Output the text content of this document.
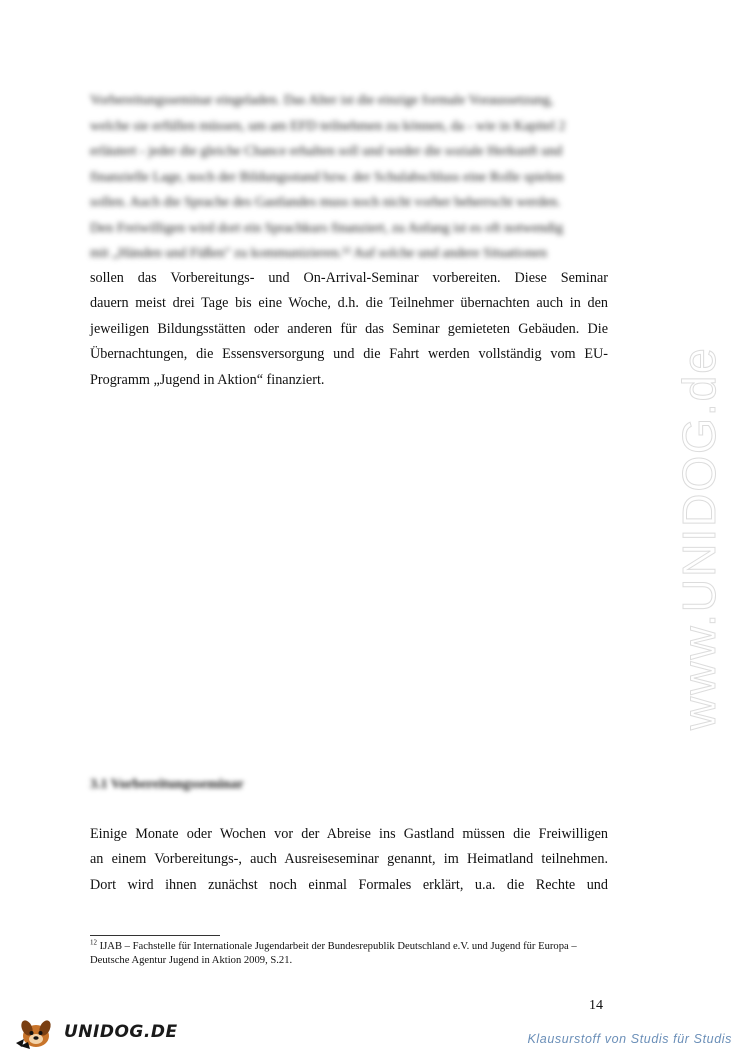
www.UNIDOG.de
Vorbereitungsseminar eingeladen. Das Alter ist die einzige formale Voraussetzung,
welche sie erfüllen müssen, um am EFD teilnehmen zu können, da - wie in Kapitel 2
erläutert - jeder die gleiche Chance erhalten soll und weder die soziale Herkunft und
finanzielle Lage, noch der Bildungsstand bzw. der Schulabschluss eine Rolle spielen
sollen. Auch die Sprache des Gastlandes muss noch nicht vorher beherrscht werden.
Den Freiwilligen wird dort ein Sprachkurs finanziert, zu Anfang ist es oft notwendig
mit „Händen und Füßen" zu kommunizieren.¹² Auf solche und andere Situationen
sollen das Vorbereitungs- und On-Arrival-Seminar vorbereiten. Diese Seminar
dauern meist drei Tage bis eine Woche, d.h. die Teilnehmer übernachten auch in den
jeweiligen Bildungsstätten oder anderen für das Seminar gemieteten Gebäuden. Die
Übernachtungen, die Essensversorgung und die Fahrt werden vollständig vom EU-
Programm „Jugend in Aktion“ finanziert.
3.1 Vorbereitungsseminar
Einige Monate oder Wochen vor der Abreise ins Gastland müssen die Freiwilligen
an einem Vorbereitungs-, auch Ausreiseseminar genannt, im Heimatland teilnehmen.
Dort wird ihnen zunächst noch einmal Formales erklärt, u.a. die Rechte und
$^{12}$ IJAB – Fachstelle für Internationale Jugendarbeit der Bundesrepublik Deutschland e.V. und Jugend für Europa – Deutsche Agentur Jugend in Aktion 2009, S.21.
14
UNIDOG.DE	Klausurstoff von Studis für Studis
